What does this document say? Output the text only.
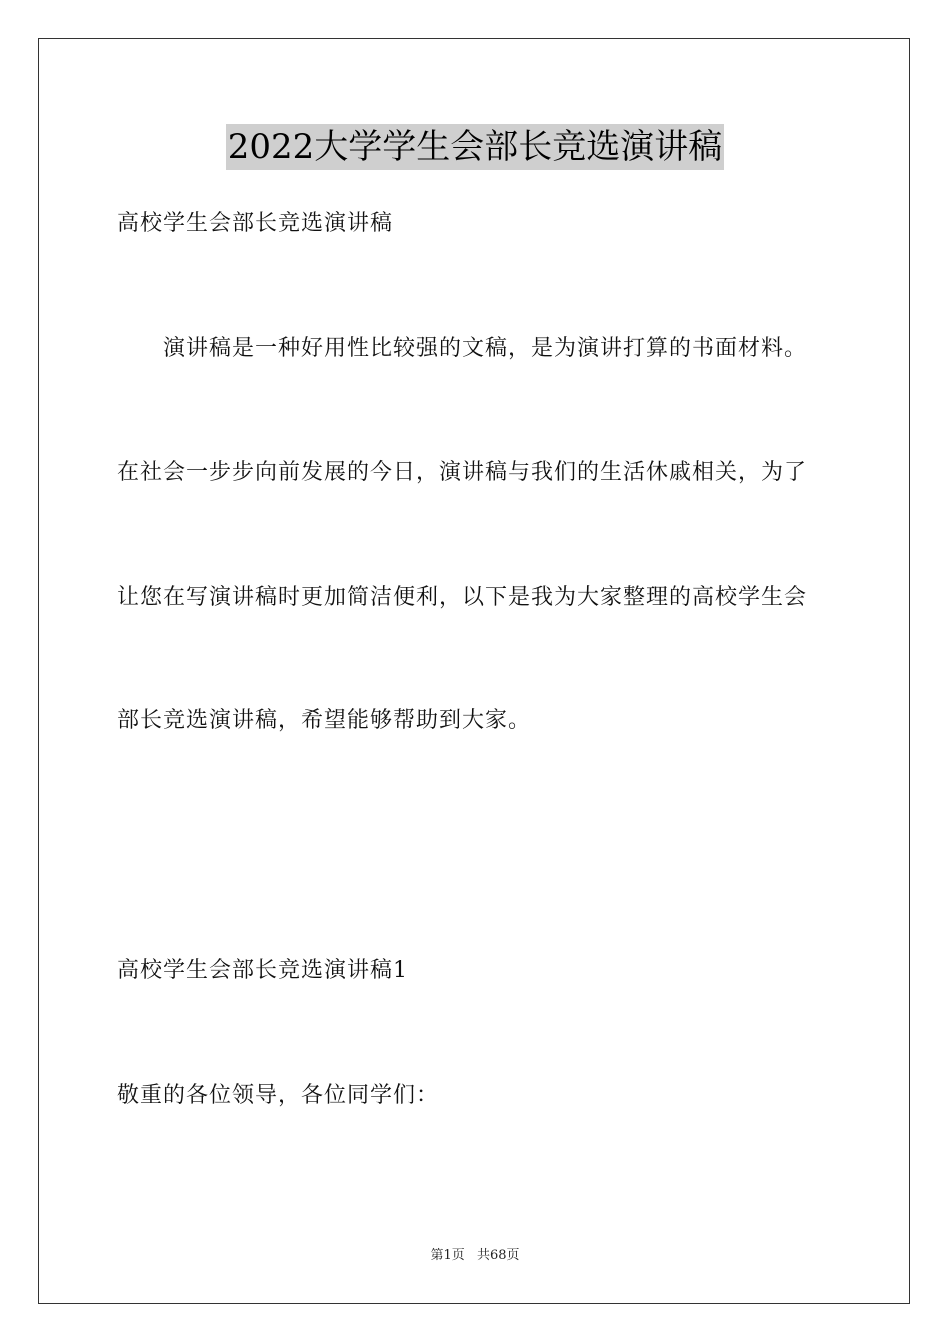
2022大学学生会部长竞选演讲稿
高校学生会部长竞选演讲稿
演讲稿是一种好用性比较强的文稿，是为演讲打算的书面材料。
在社会一步步向前发展的今日，演讲稿与我们的生活休戚相关，为了
让您在写演讲稿时更加简洁便利，以下是我为大家整理的高校学生会
部长竞选演讲稿，希望能够帮助到大家。
高校学生会部长竞选演讲稿1
敬重的各位领导，各位同学们：
第1页 共68页
